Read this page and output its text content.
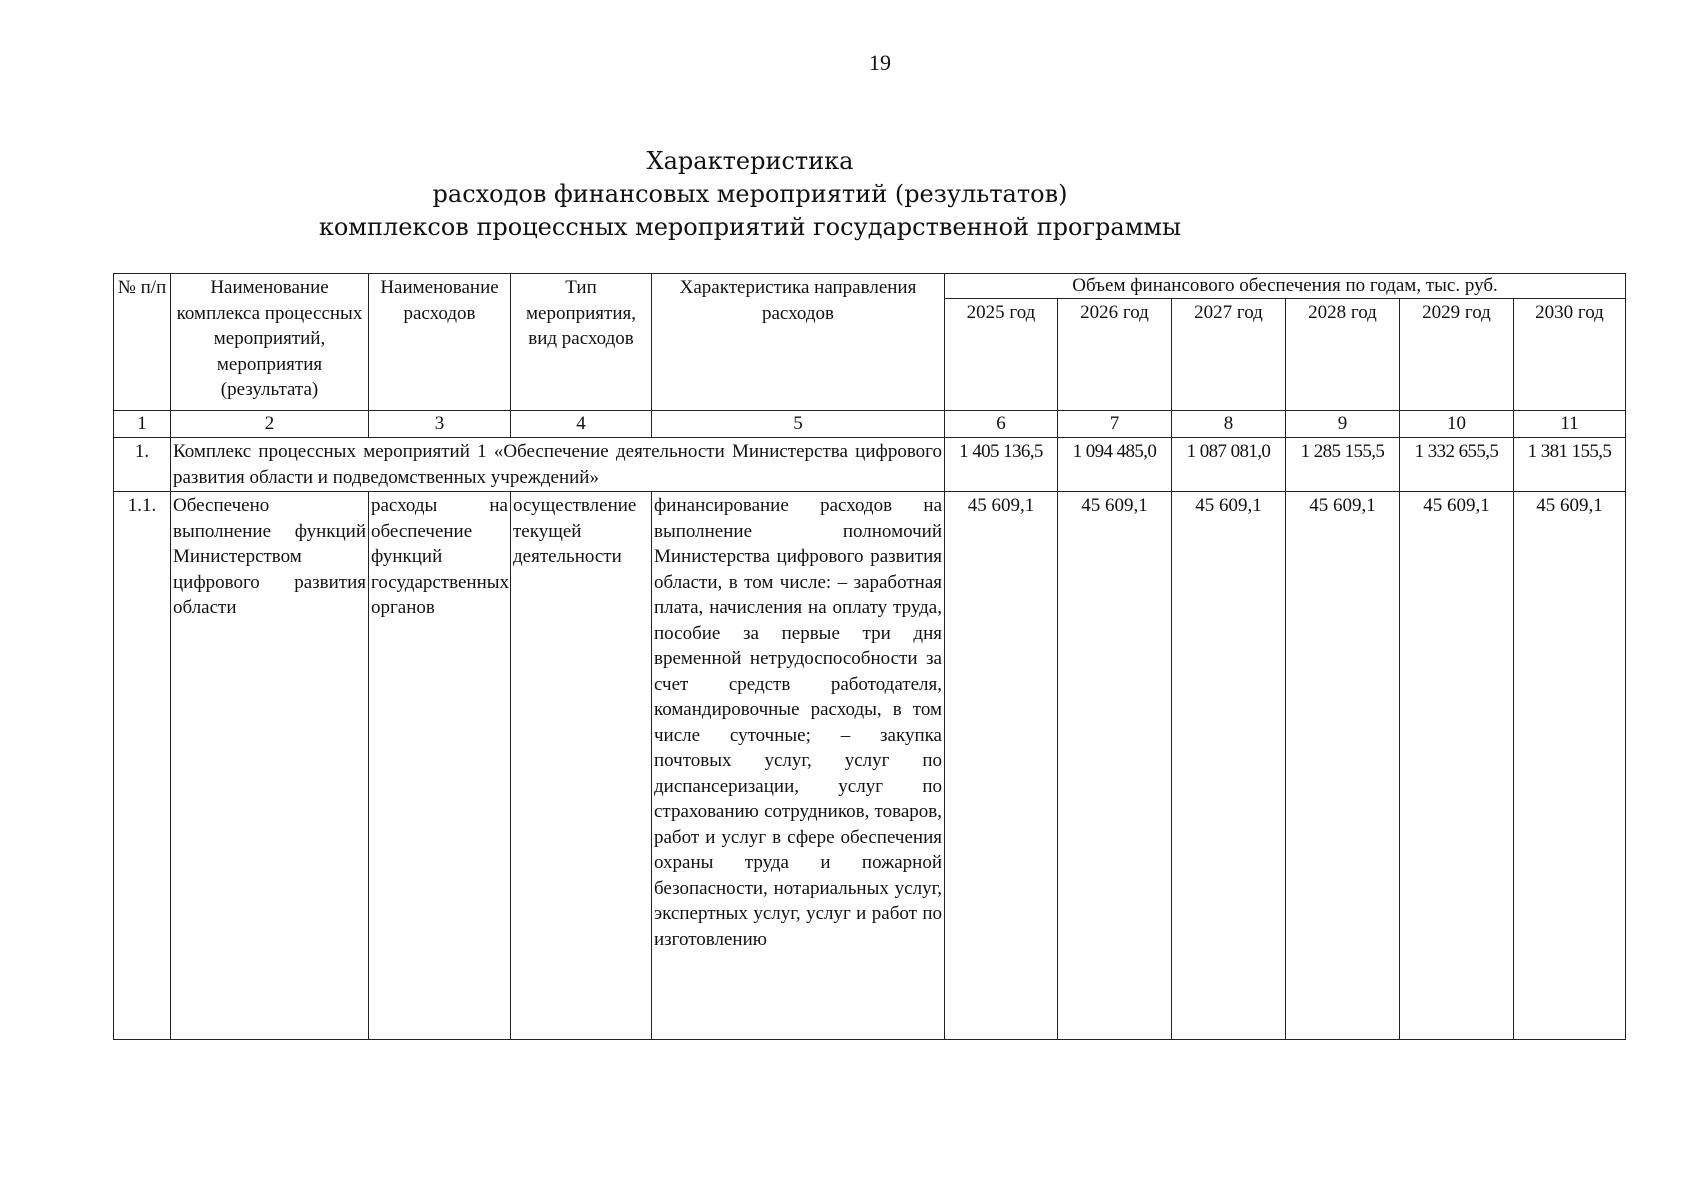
19
Характеристика
расходов финансовых мероприятий (результатов)
комплексов процессных мероприятий государственной программы
№ п/п	Наименование комплекса процессных мероприятий, мероприятия (результата)	Наименование расходов	Тип мероприятия, вид расходов	Характеристика направления расходов	Объем финансового обеспечения по годам, тыс. руб.					
					2025 год	2026 год	2027 год	2028 год	2029 год	2030 год
1	2	3	4	5	6	7	8	9	10	11
1.	Комплекс процессных мероприятий 1 «Обеспечение деятельности Министерства цифрового развития области и подведомственных учреждений»				1 405 136,5	1 094 485,0	1 087 081,0	1 285 155,5	1 332 655,5	1 381 155,5
1.1.	Обеспечено выполнение функций Министерством цифрового развития области	расходы на обеспечение функций государственных органов	осуществление текущей деятельности	финансирование расходов на выполнение полномочий Министерства цифрового развития области, в том числе: – заработная плата, начисления на оплату труда, пособие за первые три дня временной нетрудоспособности за счет средств работодателя, командировочные расходы, в том числе суточные; – закупка почтовых услуг, услуг по диспансеризации, услуг по страхованию сотрудников, товаров, работ и услуг в сфере обеспечения охраны труда и пожарной безопасности, нотариальных услуг, экспертных услуг, услуг и работ по изготовлению	45 609,1	45 609,1	45 609,1	45 609,1	45 609,1	45 609,1
